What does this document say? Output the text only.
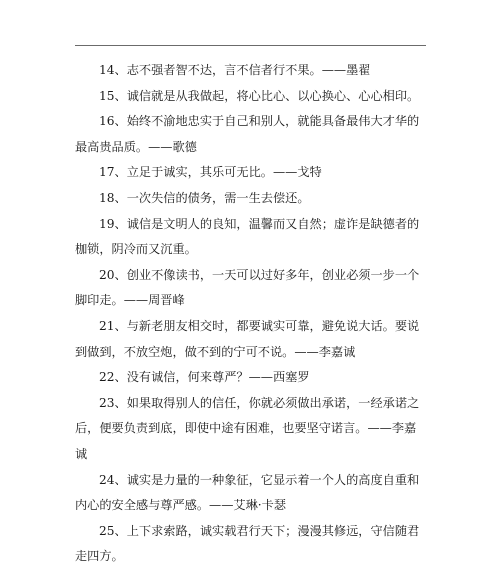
14、志不强者智不达，言不信者行不果。——墨翟

15、诚信就是从我做起，将心比心、以心换心、心心相印。

16、始终不渝地忠实于自己和别人，就能具备最伟大才华的最高贵品质。——歌德

17、立足于诚实，其乐可无比。——戈特

18、一次失信的债务，需一生去偿还。

19、诚信是文明人的良知，温馨而又自然；虚诈是缺德者的枷锁，阴冷而又沉重。

20、创业不像读书，一天可以过好多年，创业必须一步一个脚印走。——周晋峰

21、与新老朋友相交时，都要诚实可靠，避免说大话。要说到做到，不放空炮，做不到的宁可不说。——李嘉诚

22、没有诚信，何来尊严？——西塞罗

23、如果取得别人的信任，你就必须做出承诺，一经承诺之后，便要负责到底，即使中途有困难，也要坚守诺言。——李嘉诚

24、诚实是力量的一种象征，它显示着一个人的高度自重和内心的安全感与尊严感。——艾琳·卡瑟

25、上下求索路，诚实载君行天下；漫漫其修远，守信随君走四方。
